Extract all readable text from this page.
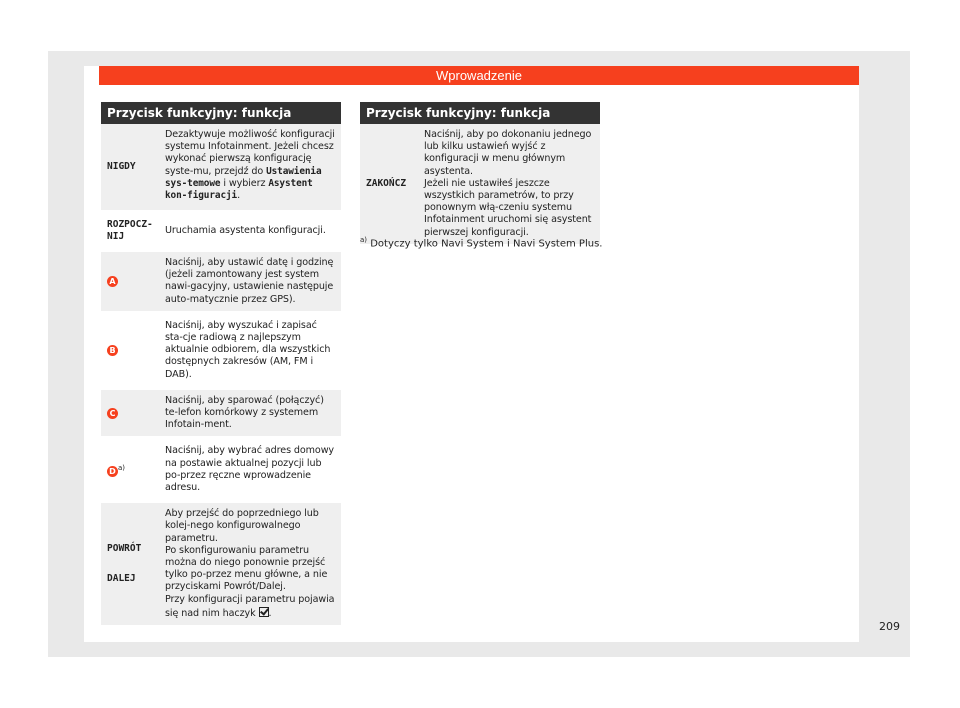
Wprowadzenie
Przycisk funkcyjny: funkcja
NIGDY
Dezaktywuje możliwość konfiguracji systemu Infotainment. Jeżeli chcesz wykonać pierwszą konfigurację syste-mu, przejdź do Ustawienia sys-temowe i wybierz Asystent kon-figuracji.
ROZPOCZ-NIJ
Uruchamia asystenta konfiguracji.
A
Naciśnij, aby ustawić datę i godzinę (jeżeli zamontowany jest system nawi-gacyjny, ustawienie następuje auto-matycznie przez GPS).
B
Naciśnij, aby wyszukać i zapisać sta-cje radiową z najlepszym aktualnie odbiorem, dla wszystkich dostępnych zakresów (AM, FM i DAB).
C
Naciśnij, aby sparować (połączyć) te-lefon komórkowy z systemem Infotain-ment.
D $^{a)}$
Naciśnij, aby wybrać adres domowy na postawie aktualnej pozycji lub po-przez ręczne wprowadzenie adresu.
POWRÓT
DALEJ
Aby przejść do poprzedniego lub kolej-nego konfigurowalnego parametru.
Po skonfigurowaniu parametru można do niego ponownie przejść tylko po-przez menu główne, a nie przyciskami Powrót/Dalej.
Przy konfiguracji parametru pojawia się nad nim haczyk .
Przycisk funkcyjny: funkcja
ZAKOŃCZ
Naciśnij, aby po dokonaniu jednego lub kilku ustawień wyjść z konfiguracji w menu głównym asystenta.
Jeżeli nie ustawiłeś jeszcze wszystkich parametrów, to przy ponownym włą-czeniu systemu Infotainment uruchomi się asystent pierwszej konfiguracji.
$^{a)}$ Dotyczy tylko Navi System i Navi System Plus.
209
